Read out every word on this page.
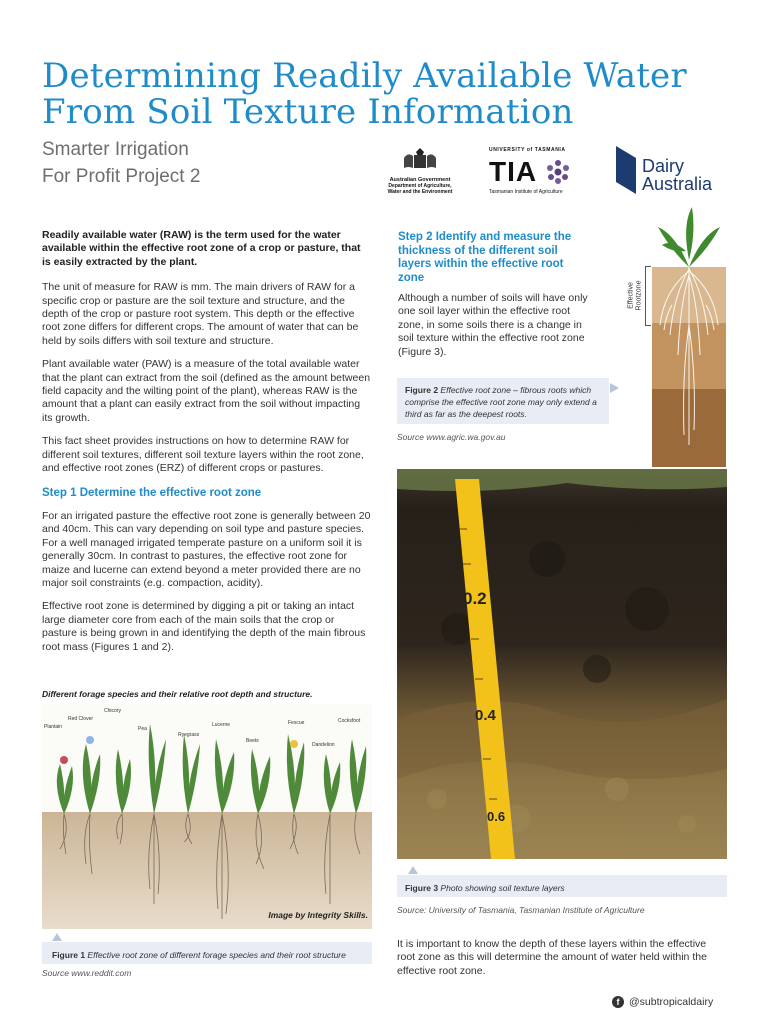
Determining Readily Available Water
From Soil Texture Information
Smarter Irrigation
For Profit Project 2	Australian Government
Department of Agriculture,
Water and the Environment
UNIVERSITY of TASMANIA
TIA
Tasmanian Institute of Agriculture
Dairy
Australia

Readily available water (RAW) is the term used for the water available within the effective root zone of a crop or pasture, that is easily extracted by the plant.

The unit of measure for RAW is mm. The main drivers of RAW for a specific crop or pasture are the soil texture and structure, and the depth of the crop or pasture root system. This depth or the effective root zone differs for different crops. The amount of water that can be held by soils differs with soil texture and structure.

Plant available water (PAW) is a measure of the total available water that the plant can extract from the soil (defined as the amount between field capacity and the wilting point of the plant), whereas RAW is the amount that a plant can easily extract from the soil without impacting its growth.

This fact sheet provides instructions on how to determine RAW for different soil textures, different soil texture layers within the root zone, and effective root zones (ERZ) of different crops or pastures.

Step 1 Determine the effective root zone

For an irrigated pasture the effective root zone is generally between 20 and 40cm. This can vary depending on soil type and pasture species. For a well managed irrigated temperate pasture on a uniform soil it is generally 30cm. In contrast to pastures, the effective root zone for maize and lucerne can extend beyond a meter provided there are no major soil constraints (e.g. compaction, acidity).

Effective root zone is determined by digging a pit or taking an intact large diameter core from each of the main soils that the crop or pasture is being grown in and identifying the depth of the main fibrous root mass (Figures 1 and 2).

Different forage species and their relative root depth and structure.
Plantain
Red Clover
Chicory
Pea
Ryegrass
Lucerne
Beets
Fescue
Dandelion
Cocksfoot
Image by Integrity Skills.
Figure 1 Effective root zone of different forage species and their root structure
Source www.reddit.com
Step 2 Identify and measure the thickness of the different soil layers within the effective root zone

Although a number of soils will have only one soil layer within the effective root zone, in some soils there is a change in soil texture within the effective root zone (Figure 3).

Effective Rootzone
Figure 2 Effective root zone – fibrous roots which comprise the effective root zone may only extend a third as far as the deepest roots.
Source www.agric.wa.gov.au
0.2
0.4
0.6
Figure 3 Photo showing soil texture layers
Source: University of Tasmania, Tasmanian Institute of Agriculture

It is important to know the depth of these layers within the effective root zone as this will determine the amount of water held within the effective root zone.

f @subtropicaldairy
